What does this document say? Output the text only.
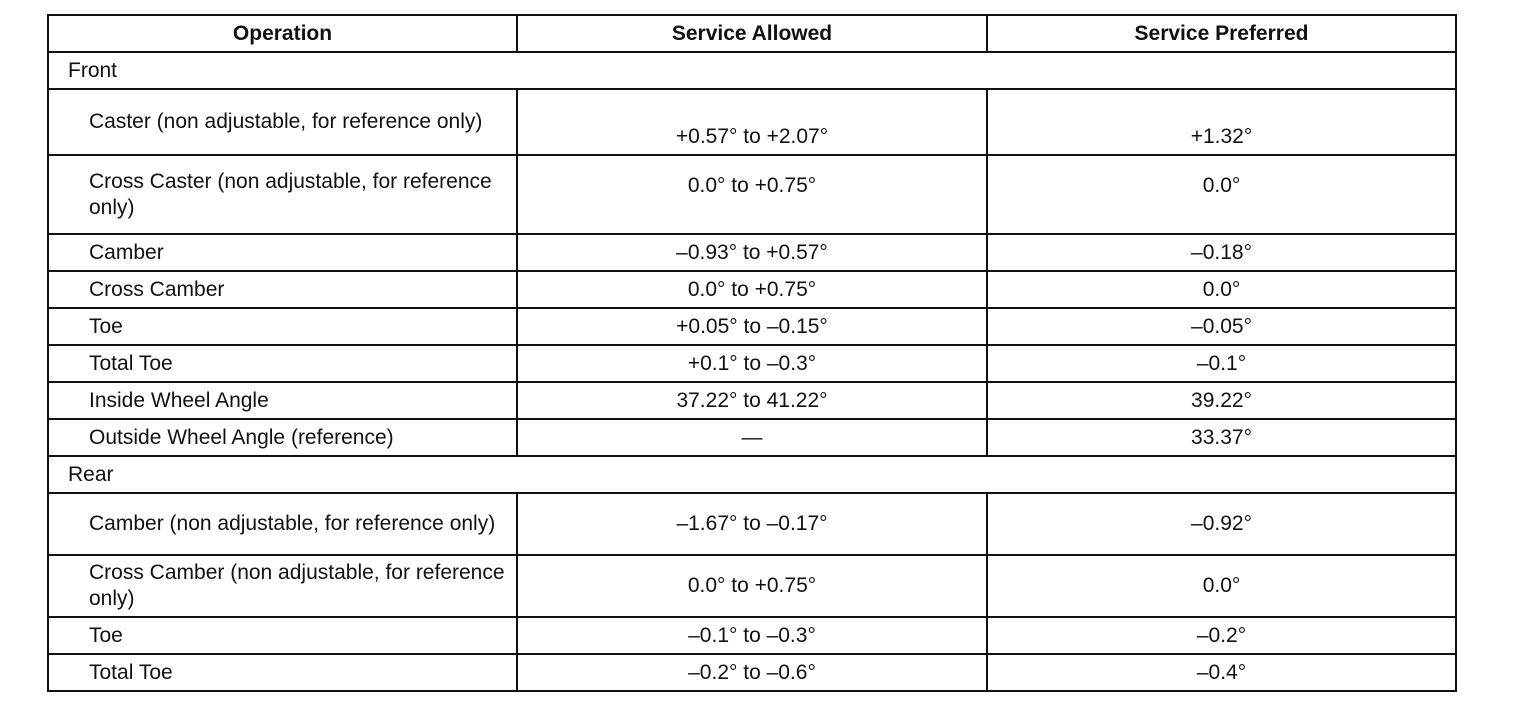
Operation	Service Allowed	Service Preferred
Front		
Caster (non adjustable, for reference only)	+0.57° to +2.07°	+1.32°
Cross Caster (non adjustable, for reference only)	0.0° to +0.75°	0.0°
Camber	–0.93° to +0.57°	–0.18°
Cross Camber	0.0° to +0.75°	0.0°
Toe	+0.05° to –0.15°	–0.05°
Total Toe	+0.1° to –0.3°	–0.1°
Inside Wheel Angle	37.22° to 41.22°	39.22°
Outside Wheel Angle (reference)	—	33.37°
Rear		
Camber (non adjustable, for reference only)	–1.67° to –0.17°	–0.92°
Cross Camber (non adjustable, for reference only)	0.0° to +0.75°	0.0°
Toe	–0.1° to –0.3°	–0.2°
Total Toe	–0.2° to –0.6°	–0.4°
